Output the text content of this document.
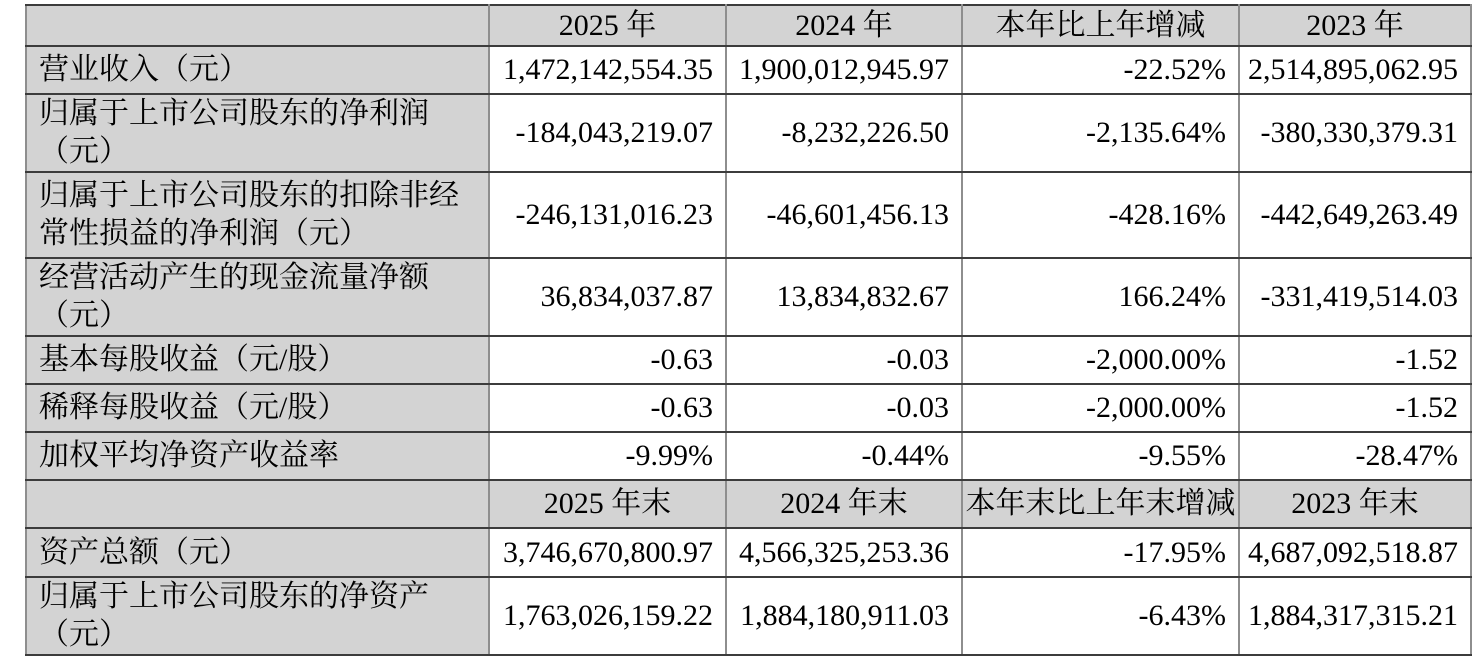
	2025 年	2024 年	本年比上年增减	2023 年
营业收入（元）	1,472,142,554.35	1,900,012,945.97	-22.52%	2,514,895,062.95
归属于上市公司股东的净利润（元）	-184,043,219.07	-8,232,226.50	-2,135.64%	-380,330,379.31
归属于上市公司股东的扣除非经常性损益的净利润（元）	-246,131,016.23	-46,601,456.13	-428.16%	-442,649,263.49
经营活动产生的现金流量净额（元）	36,834,037.87	13,834,832.67	166.24%	-331,419,514.03
基本每股收益（元/股）	-0.63	-0.03	-2,000.00%	-1.52
稀释每股收益（元/股）	-0.63	-0.03	-2,000.00%	-1.52
加权平均净资产收益率	-9.99%	-0.44%	-9.55%	-28.47%
	2025 年末	2024 年末	本年末比上年末增减	2023 年末
资产总额（元）	3,746,670,800.97	4,566,325,253.36	-17.95%	4,687,092,518.87
归属于上市公司股东的净资产（元）	1,763,026,159.22	1,884,180,911.03	-6.43%	1,884,317,315.21
